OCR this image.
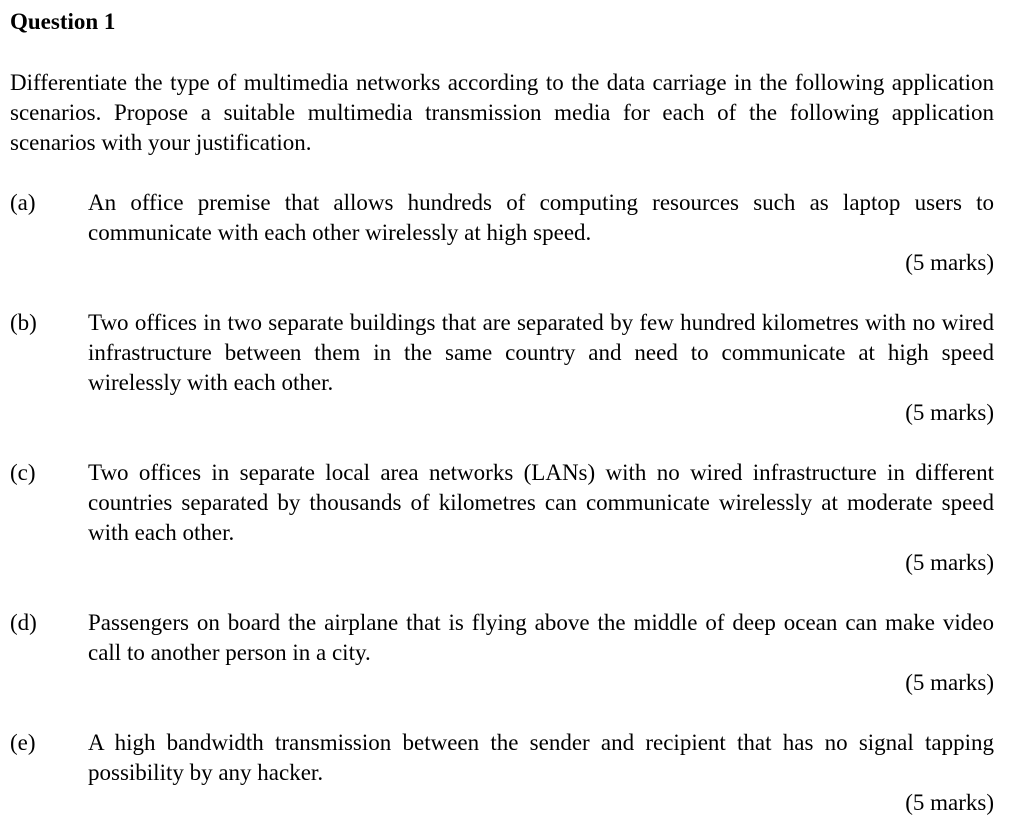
Question 1

Differentiate the type of multimedia networks according to the data carriage in the following application scenarios. Propose a suitable multimedia transmission media for each of the following application scenarios with your justification.

(a) An office premise that allows hundreds of computing resources such as laptop users to communicate with each other wirelessly at high speed.
(5 marks)
(b) Two offices in two separate buildings that are separated by few hundred kilometres with no wired infrastructure between them in the same country and need to communicate at high speed wirelessly with each other.
(5 marks)
(c) Two offices in separate local area networks (LANs) with no wired infrastructure in different countries separated by thousands of kilometres can communicate wirelessly at moderate speed with each other.
(5 marks)
(d) Passengers on board the airplane that is flying above the middle of deep ocean can make video call to another person in a city.
(5 marks)
(e) A high bandwidth transmission between the sender and recipient that has no signal tapping possibility by any hacker.
(5 marks)
